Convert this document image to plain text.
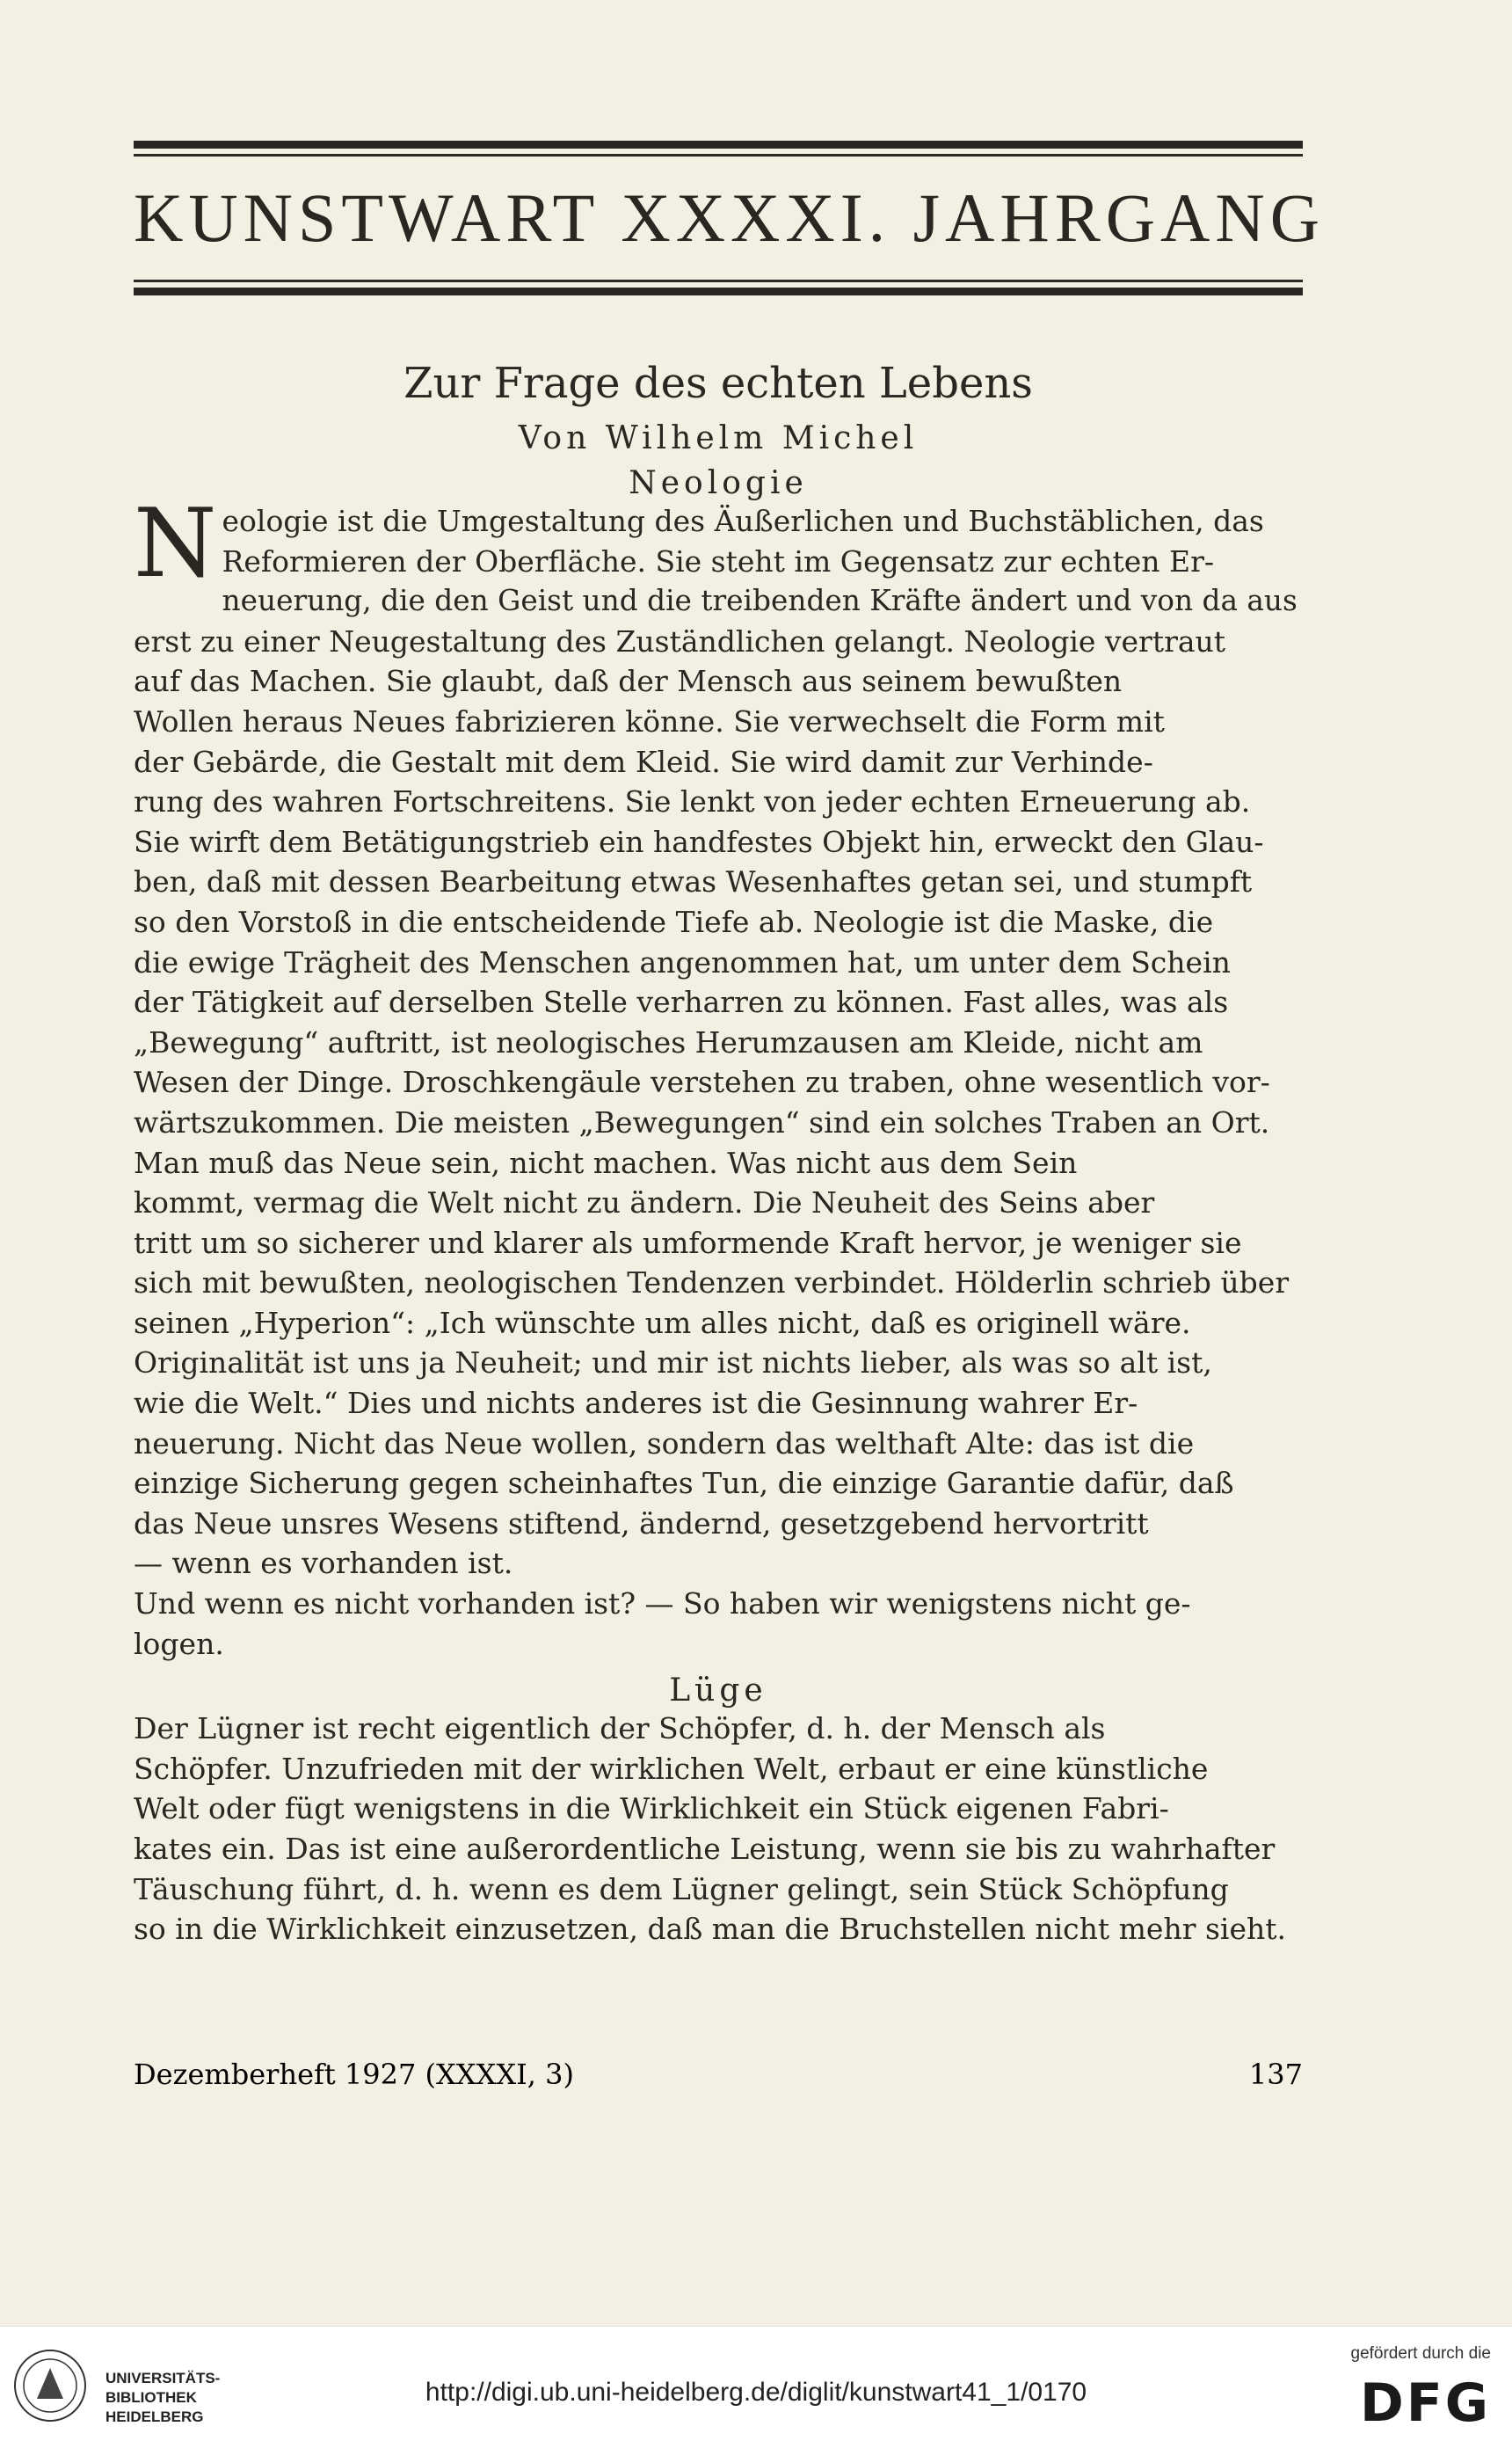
KUNSTWART XXXXI. JAHRGANG
Zur Frage des echten Lebens
Von Wilhelm Michel
Neologie
N eologie ist die Umgestaltung des Äußerlichen und Buchstäblichen, das
Reformieren der Oberfläche. Sie steht im Gegensatz zur echten Er-
neuerung, die den Geist und die treibenden Kräfte ändert und von da aus
erst zu einer Neugestaltung des Zuständlichen gelangt. Neologie vertraut
auf das Machen. Sie glaubt, daß der Mensch aus seinem bewußten
Wollen heraus Neues fabrizieren könne. Sie verwechselt die Form mit
der Gebärde, die Gestalt mit dem Kleid. Sie wird damit zur Verhinde-
rung des wahren Fortschreitens. Sie lenkt von jeder echten Erneuerung ab.
Sie wirft dem Betätigungstrieb ein handfestes Objekt hin, erweckt den Glau-
ben, daß mit dessen Bearbeitung etwas Wesenhaftes getan sei, und stumpft
so den Vorstoß in die entscheidende Tiefe ab. Neologie ist die Maske, die
die ewige Trägheit des Menschen angenommen hat, um unter dem Schein
der Tätigkeit auf derselben Stelle verharren zu können. Fast alles, was als
„Bewegung“ auftritt, ist neologisches Herumzausen am Kleide, nicht am
Wesen der Dinge. Droschkengäule verstehen zu traben, ohne wesentlich vor-
wärtszukommen. Die meisten „Bewegungen“ sind ein solches Traben an Ort.
Man muß das Neue sein, nicht machen. Was nicht aus dem Sein
kommt, vermag die Welt nicht zu ändern. Die Neuheit des Seins aber
tritt um so sicherer und klarer als umformende Kraft hervor, je weniger sie
sich mit bewußten, neologischen Tendenzen verbindet. Hölderlin schrieb über
seinen „Hyperion“: „Ich wünschte um alles nicht, daß es originell wäre.
Originalität ist uns ja Neuheit; und mir ist nichts lieber, als was so alt ist,
wie die Welt.“ Dies und nichts anderes ist die Gesinnung wahrer Er-
neuerung. Nicht das Neue wollen, sondern das welthaft Alte: das ist die
einzige Sicherung gegen scheinhaftes Tun, die einzige Garantie dafür, daß
das Neue unsres Wesens stiftend, ändernd, gesetzgebend hervortritt
— wenn es vorhanden ist.
Und wenn es nicht vorhanden ist? — So haben wir wenigstens nicht ge-
logen.
Lüge
Der Lügner ist recht eigentlich der Schöpfer, d. h. der Mensch als
Schöpfer. Unzufrieden mit der wirklichen Welt, erbaut er eine künstliche
Welt oder fügt wenigstens in die Wirklichkeit ein Stück eigenen Fabri-
kates ein. Das ist eine außerordentliche Leistung, wenn sie bis zu wahrhafter
Täuschung führt, d. h. wenn es dem Lügner gelingt, sein Stück Schöpfung
so in die Wirklichkeit einzusetzen, daß man die Bruchstellen nicht mehr sieht.
Dezemberheft 1927 (XXXXI, 3)	137
UNIVERSITÄTS-
BIBLIOTHEK
HEIDELBERG
http://digi.ub.uni-heidelberg.de/diglit/kunstwart41_1/0170
gefördert durch die
DFG
